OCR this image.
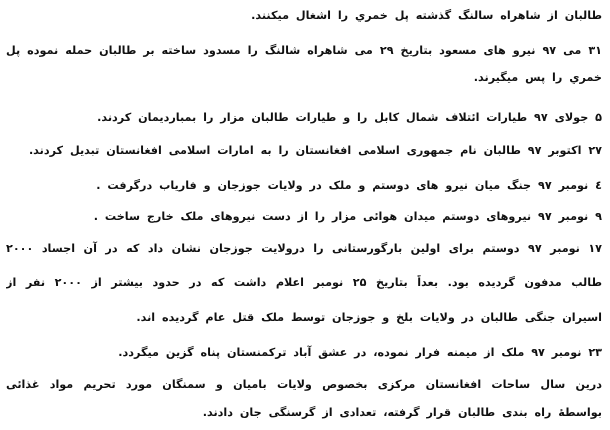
طالبان از شاهراه سالنگ گذشته پل خمري را اشغال ميکنند.
۳۱ مى ۹۷ نيرو هاى مسعود بتاريخ ۲۹ مى شاهراه شالنگ را مسدود ساخته بر طالبان حمله نموده پل
خمري را پس ميگيرند.
۵ جولاى ۹۷ طيارات ائتلاف شمال کابل را و طيارات طالبان مزار را بمبارديمان کردند.
۲۷ اکتوبر ۹۷ طالبان نام جمهورى اسلامى افغانستان را به امارات اسلامى افغانستان تبديل کردند.
٤ نومبر ۹۷ جنگ ميان نيرو هاى دوستم و ملک در ولايات جوزجان و فارياب درگرفت .
۹ نومبر ۹۷ نيروهاى دوستم ميدان هوائى مزار را از دست نيروهاى ملک خارج ساخت .
۱۷ نومبر ۹۷ دوستم براى اولين بارگورستانى را درولايت جوزجان نشان داد که در آن اجساد ۲۰۰۰
طالب مدفون گرديده بود. بعداً بتاريخ ۲۵ نومبر اعلام داشت که در حدود بيشتر از ۲۰۰۰ نفر از
اسيران جنگى طالبان در ولايات بلخ و جوزجان توسط ملک قتل عام گرديده اند.
۲۳ نومبر ۹۷ ملک از ميمنه فرار نموده، در عشق آباد ترکمنستان پناه گزين ميگردد.
درين سال ساحات افغانستان مرکزى بخصوص ولايات باميان و سمنگان مورد تحريم مواد غذائى
بواسطهٔ راه بندى طالبان قرار گرفته، تعدادى از گرسنگى جان دادند.
